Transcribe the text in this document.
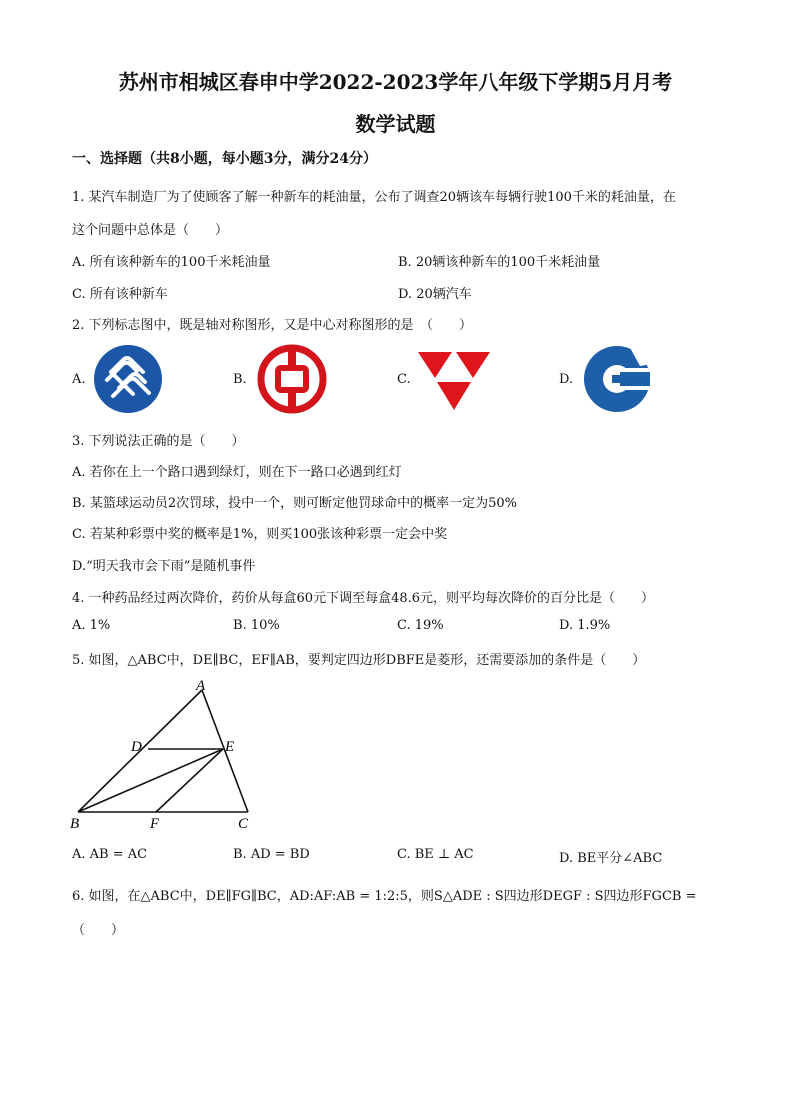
苏州市相城区春申中学2022-2023学年八年级下学期5月月考
数学试题
一、选择题（共8小题，每小题3分，满分24分）
1. 某汽车制造厂为了使顾客了解一种新车的耗油量，公布了调查20辆该车每辆行驶100千米的耗油量，在
这个问题中总体是（　　）
A. 所有该种新车的100千米耗油量	B. 20辆该种新车的100千米耗油量
C. 所有该种新车	D. 20辆汽车
2. 下列标志图中，既是轴对称图形，又是中心对称图形的是　（　　）
A.	B.	C.	D.
3. 下列说法正确的是（　　）
A. 若你在上一个路口遇到绿灯，则在下一路口必遇到红灯
B. 某篮球运动员2次罚球，投中一个，则可断定他罚球命中的概率一定为50%
C. 若某种彩票中奖的概率是1%，则买100张该种彩票一定会中奖
D.“明天我市会下雨”是随机事件
4. 一种药品经过两次降价，药价从每盒60元下调至每盒48.6元，则平均每次降价的百分比是（　　）
A. 1%	B. 10%	C. 19%	D. 1.9%
5. 如图，△ABC中，DE∥BC，EF∥AB，要判定四边形DBFE是菱形，还需要添加的条件是（　　）
A
B	C
D	E
F
A. AB = AC	B. AD = BD	C. BE ⊥ AC	D. BE平分∠ABC
6. 如图，在△ABC中，DE∥FG∥BC，AD:AF:AB = 1:2:5，则S△ADE : S四边形DEGF : S四边形FGCB =
（　　）
